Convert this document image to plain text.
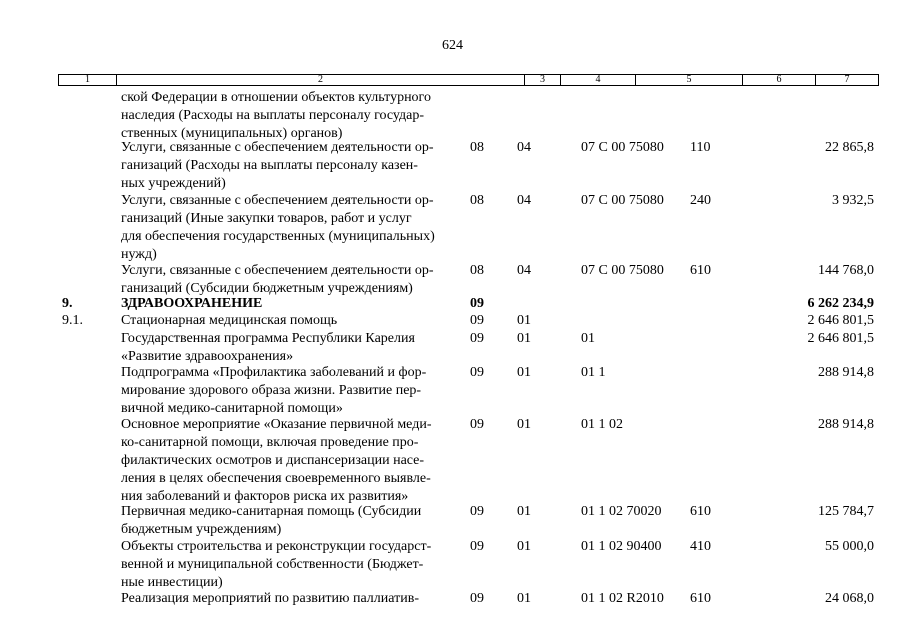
624
1	2	3	4	5	6	7
ской Федерации в отношении объектов культурного
наследия (Расходы на выплаты персоналу государ-
ственных (муниципальных) органов)
Услуги, связанные с обеспечением деятельности ор-
ганизаций (Расходы на выплаты персоналу казен-
ных учреждений)
08 04	07 С 00 75080 110	22 865,8
Услуги, связанные с обеспечением деятельности ор-
ганизаций (Иные закупки товаров, работ и услуг
для обеспечения государственных (муниципальных)
нужд)
08 04	07 С 00 75080 240	3 932,5
Услуги, связанные с обеспечением деятельности ор-
ганизаций (Субсидии бюджетным учреждениям)
08 04	07 С 00 75080 610	144 768,0
9.	ЗДРАВООХРАНЕНИЕ	09	6 262 234,9
9.1.	Стационарная медицинская помощь	09 01	2 646 801,5
Государственная программа Республики Карелия
«Развитие здравоохранения»
09 01	01	2 646 801,5
Подпрограмма «Профилактика заболеваний и фор-
мирование здорового образа жизни. Развитие пер-
вичной медико-санитарной помощи»
09 01	01 1	288 914,8
Основное мероприятие «Оказание первичной меди-
ко-санитарной помощи, включая проведение про-
филактических осмотров и диспансеризации насе-
ления в целях обеспечения своевременного выявле-
ния заболеваний и факторов риска их развития»
09 01	01 1 02	288 914,8
Первичная медико-санитарная помощь (Субсидии
бюджетным учреждениям)
09 01	01 1 02 70020 610	125 784,7
Объекты строительства и реконструкции государст-
венной и муниципальной собственности (Бюджет-
ные инвестиции)
09 01	01 1 02 90400 410	55 000,0
Реализация мероприятий по развитию паллиатив-	09 01	01 1 02 R2010 610	24 068,0
